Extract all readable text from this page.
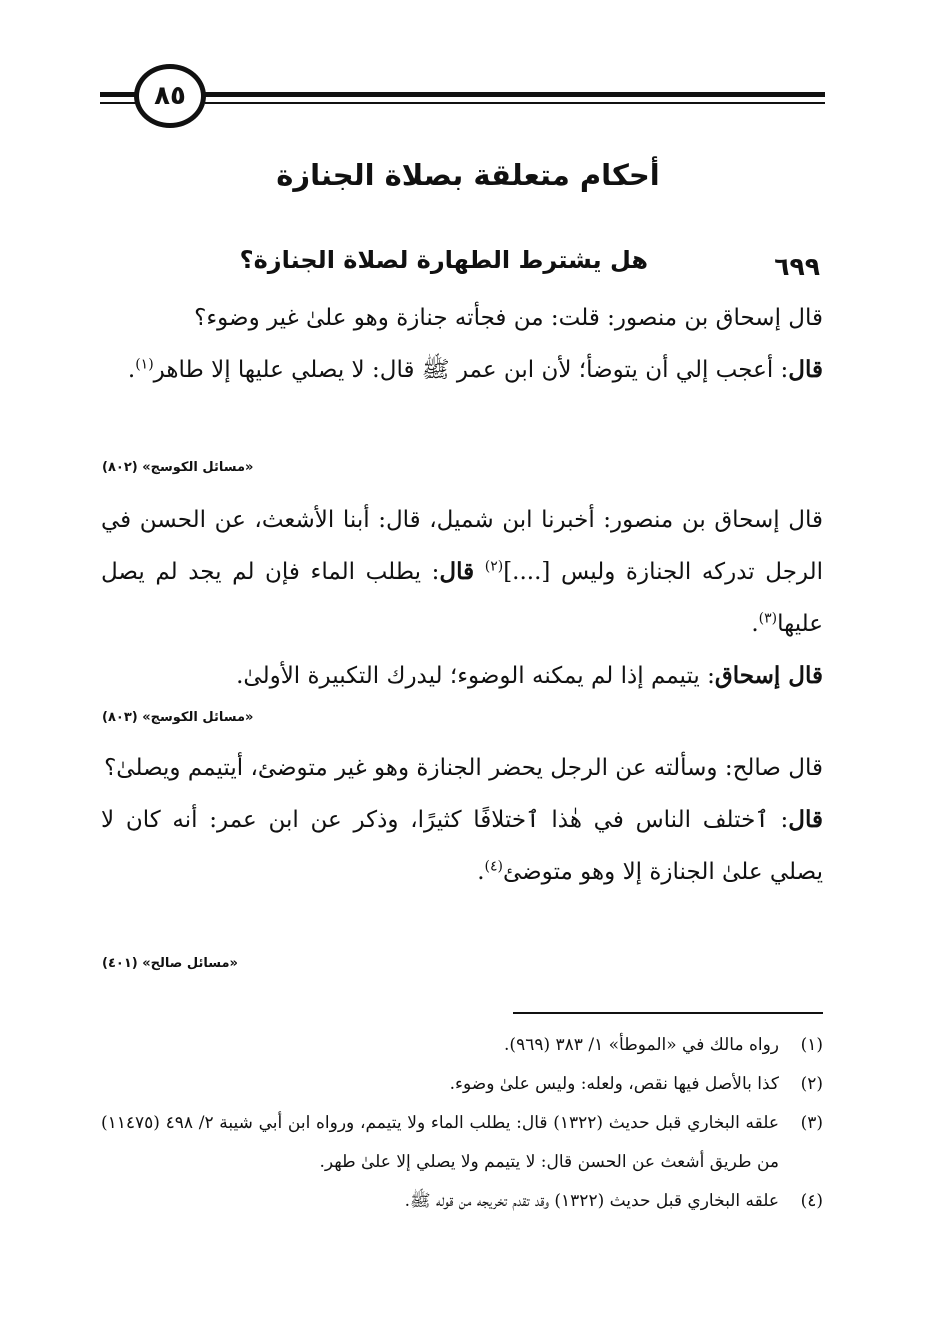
٨٥
أحكام متعلقة بصلاة الجنازة
٦٩٩
هل يشترط الطهارة لصلاة الجنازة؟

قال إسحاق بن منصور: قلت: من فجأته جنازة وهو علىٰ غير وضوء؟
قال: أعجب إلي أن يتوضأ؛ لأن ابن عمر ﷺ قال: لا يصلي عليها إلا طاهر$^{(١)}$.

«مسائل الكوسج» (٨٠٢)

قال إسحاق بن منصور: أخبرنا ابن شميل، قال: أبنا الأشعث، عن الحسن في الرجل تدركه الجنازة وليس [....]$^{(٢)}$ قال: يطلب الماء فإن لم يجد لم يصل عليها$^{(٣)}$.
قال إسحاق: يتيمم إذا لم يمكنه الوضوء؛ ليدرك التكبيرة الأولىٰ.

«مسائل الكوسج» (٨٠٣)

قال صالح: وسألته عن الرجل يحضر الجنازة وهو غير متوضئ، أيتيمم ويصلىٰ؟
قال: ٱختلف الناس في هٰذا ٱختلافًا كثيرًا، وذكر عن ابن عمر: أنه كان لا يصلي علىٰ الجنازة إلا وهو متوضئ$^{(٤)}$.

«مسائل صالح» (٤٠١)
(١)
رواه مالك في «الموطأ» ١/ ٣٨٣ (٩٦٩).
(٢)
كذا بالأصل فيها نقص، ولعله: وليس علىٰ وضوء.
(٣)
علقه البخاري قبل حديث (١٣٢٢) قال: يطلب الماء ولا يتيمم، ورواه ابن أبي شيبة ٢/ ٤٩٨ (١١٤٧٥) من طريق أشعث عن الحسن قال: لا يتيمم ولا يصلي إلا علىٰ طهر.
(٤)
علقه البخاري قبل حديث (١٣٢٢) وقد تقدم تخريجه من قوله ﷺ.
